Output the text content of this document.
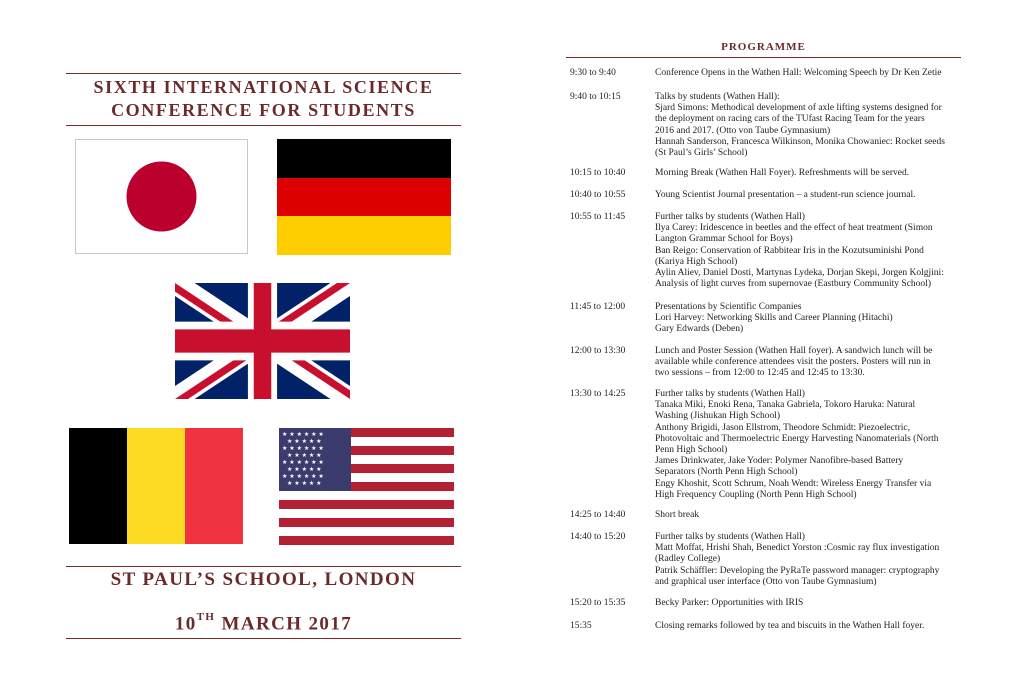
SIXTH INTERNATIONAL SCIENCE
CONFERENCE FOR STUDENTS
★ ★ ★ ★ ★ ★
★ ★ ★ ★ ★
★ ★ ★ ★ ★ ★
★ ★ ★ ★ ★
★ ★ ★ ★ ★ ★
★ ★ ★ ★ ★
★ ★ ★ ★ ★ ★
★ ★ ★ ★ ★
ST PAUL’S SCHOOL, LONDON
10TH MARCH 2017
PROGRAMME
9:30 to 9:40	Conference Opens in the Wathen Hall: Welcoming Speech by Dr Ken Zetie
9:40 to 10:15	Talks by students (Wathen Hall):
Sjard Simons: Methodical development of axle lifting systems designed for
the deployment on racing cars of the TUfast Racing Team for the years
2016 and 2017. (Otto von Taube Gymnasium)
Hannah Sanderson, Francesca Wilkinson, Monika Chowaniec: Rocket seeds
(St Paul’s Girls’ School)
10:15 to 10:40	Morning Break (Wathen Hall Foyer). Refreshments will be served.
10:40 to 10:55	Young Scientist Journal presentation – a student-run science journal.
10:55 to 11:45	Further talks by students (Wathen Hall)
Ilya Carey: Iridescence in beetles and the effect of heat treatment (Simon
Langton Grammar School for Boys)
Ban Reigo: Conservation of Rabbitear Iris in the Kozutsuminishi Pond
(Kariya High School)
Aylin Aliev, Daniel Dosti, Martynas Lydeka, Dorjan Skepi, Jorgen Kolgjini:
Analysis of light curves from supernovae (Eastbury Community School)
11:45 to 12:00	Presentations by Scientific Companies
Lori Harvey: Networking Skills and Career Planning (Hitachi)
Gary Edwards (Deben)
12:00 to 13:30	Lunch and Poster Session (Wathen Hall foyer). A sandwich lunch will be
available while conference attendees visit the posters. Posters will run in
two sessions – from 12:00 to 12:45 and 12:45 to 13:30.
13:30 to 14:25	Further talks by students (Wathen Hall)
Tanaka Miki, Enoki Rena, Tanaka Gabriela, Tokoro Haruka: Natural
Washing (Jishukan High School)
Anthony Brigidi, Jason Ellstrom, Theodore Schmidt: Piezoelectric,
Photovoltaic and Thermoelectric Energy Harvesting Nanomaterials (North
Penn High School)
James Drinkwater, Jake Yoder: Polymer Nanofibre-based Battery
Separators (North Penn High School)
Engy Khoshit, Scott Schrum, Noah Wendt: Wireless Energy Transfer via
High Frequency Coupling (North Penn High School)
14:25 to 14:40	Short break
14:40 to 15:20	Further talks by students (Wathen Hall)
Matt Moffat, Hrishi Shah, Benedict Yorston :Cosmic ray flux investigation
(Radley College)
Patrik Schäffler: Developing the PyRaTe password manager: cryptography
and graphical user interface (Otto von Taube Gymnasium)
15:20 to 15:35	Becky Parker: Opportunities with IRIS
15:35	Closing remarks followed by tea and biscuits in the Wathen Hall foyer.
